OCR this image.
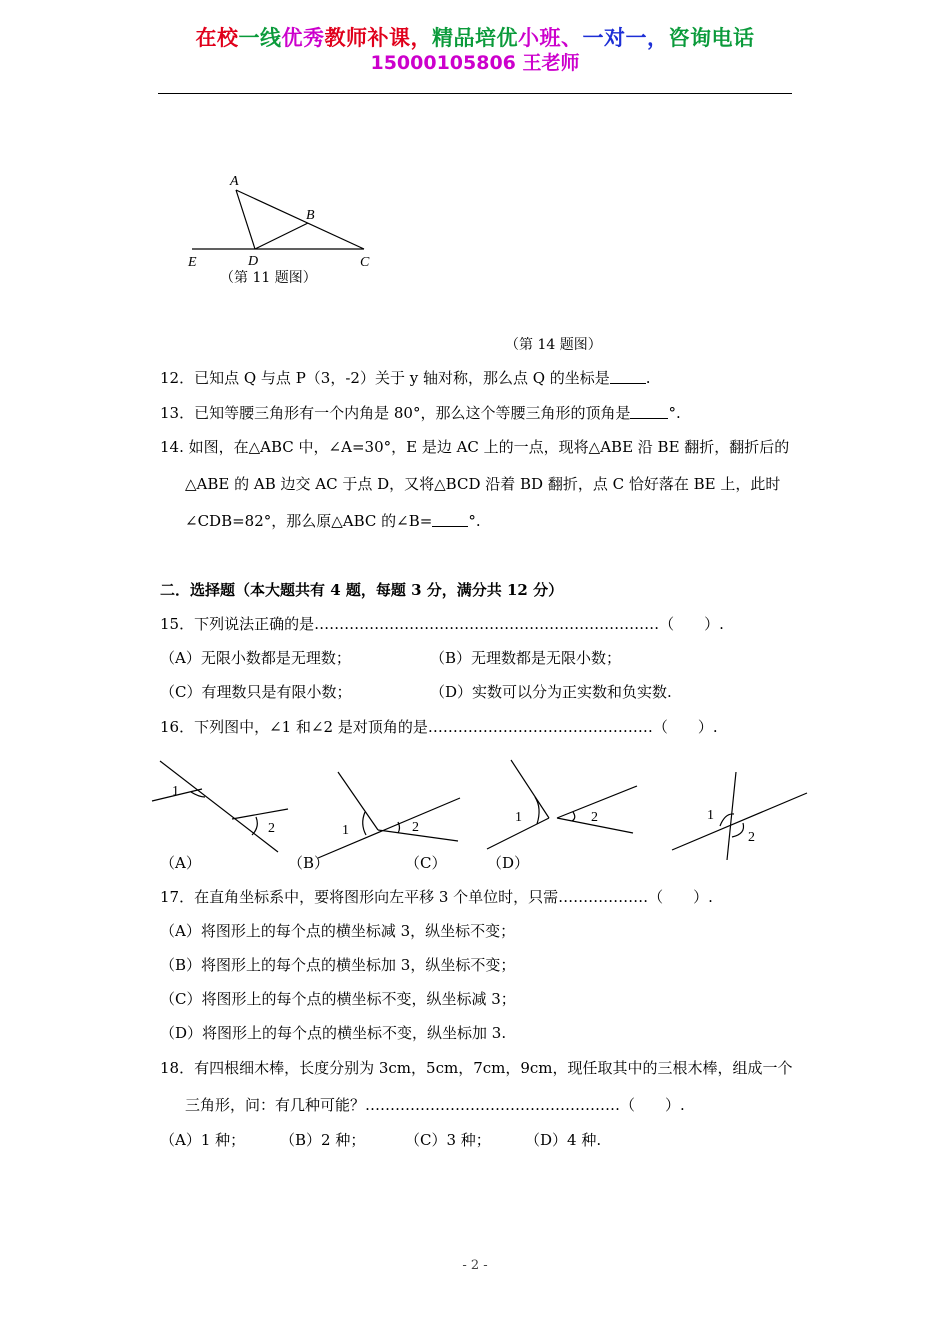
在校一线优秀教师补课，精品培优小班、一对一，咨询电话
15000105806 王老师
A
B
C
D
E
（第 11 题图）
（第 14 题图）
12．已知点 Q 与点 P（3，-2）关于 y 轴对称，那么点 Q 的坐标是 .
13．已知等腰三角形有一个内角是 80°，那么这个等腰三角形的顶角是	°.
14. 如图，在△ABC 中，∠A=30°，E 是边 AC 上的一点，现将△ABE 沿 BE 翻折，翻折后的
△ABE 的 AB 边交 AC 于点 D，又将△BCD 沿着 BD 翻折，点 C 恰好落在 BE 上，此时
∠CDB=82°，那么原△ABC 的∠B= °.
二．选择题（本大题共有 4 题，每题 3 分，满分共 12 分）
15．下列说法正确的是……………………………………………………………（　　）.
（A）无限小数都是无理数；	（B）无理数都是无限小数；
（C）有理数只是有限小数；	（D）实数可以分为正实数和负实数.
16．下列图中，∠1 和∠2 是对顶角的是………………………………………（　　）.
1
2
（A）
1	2
（B）
1	2
（C）	（D）
1
2
17．在直角坐标系中，要将图形向左平移 3 个单位时，只需………………（　　）.
（A）将图形上的每个点的横坐标减 3，纵坐标不变；
（B）将图形上的每个点的横坐标加 3，纵坐标不变；
（C）将图形上的每个点的横坐标不变，纵坐标减 3；
（D）将图形上的每个点的横坐标不变，纵坐标加 3.
18．有四根细木棒，长度分别为 3cm，5cm，7cm，9cm，现任取其中的三根木棒，组成一个
三角形，问：有几种可能？……………………………………………（　　）.
（A）1 种； （B）2 种；	（C）3 种； （D）4 种.
- 2 -
